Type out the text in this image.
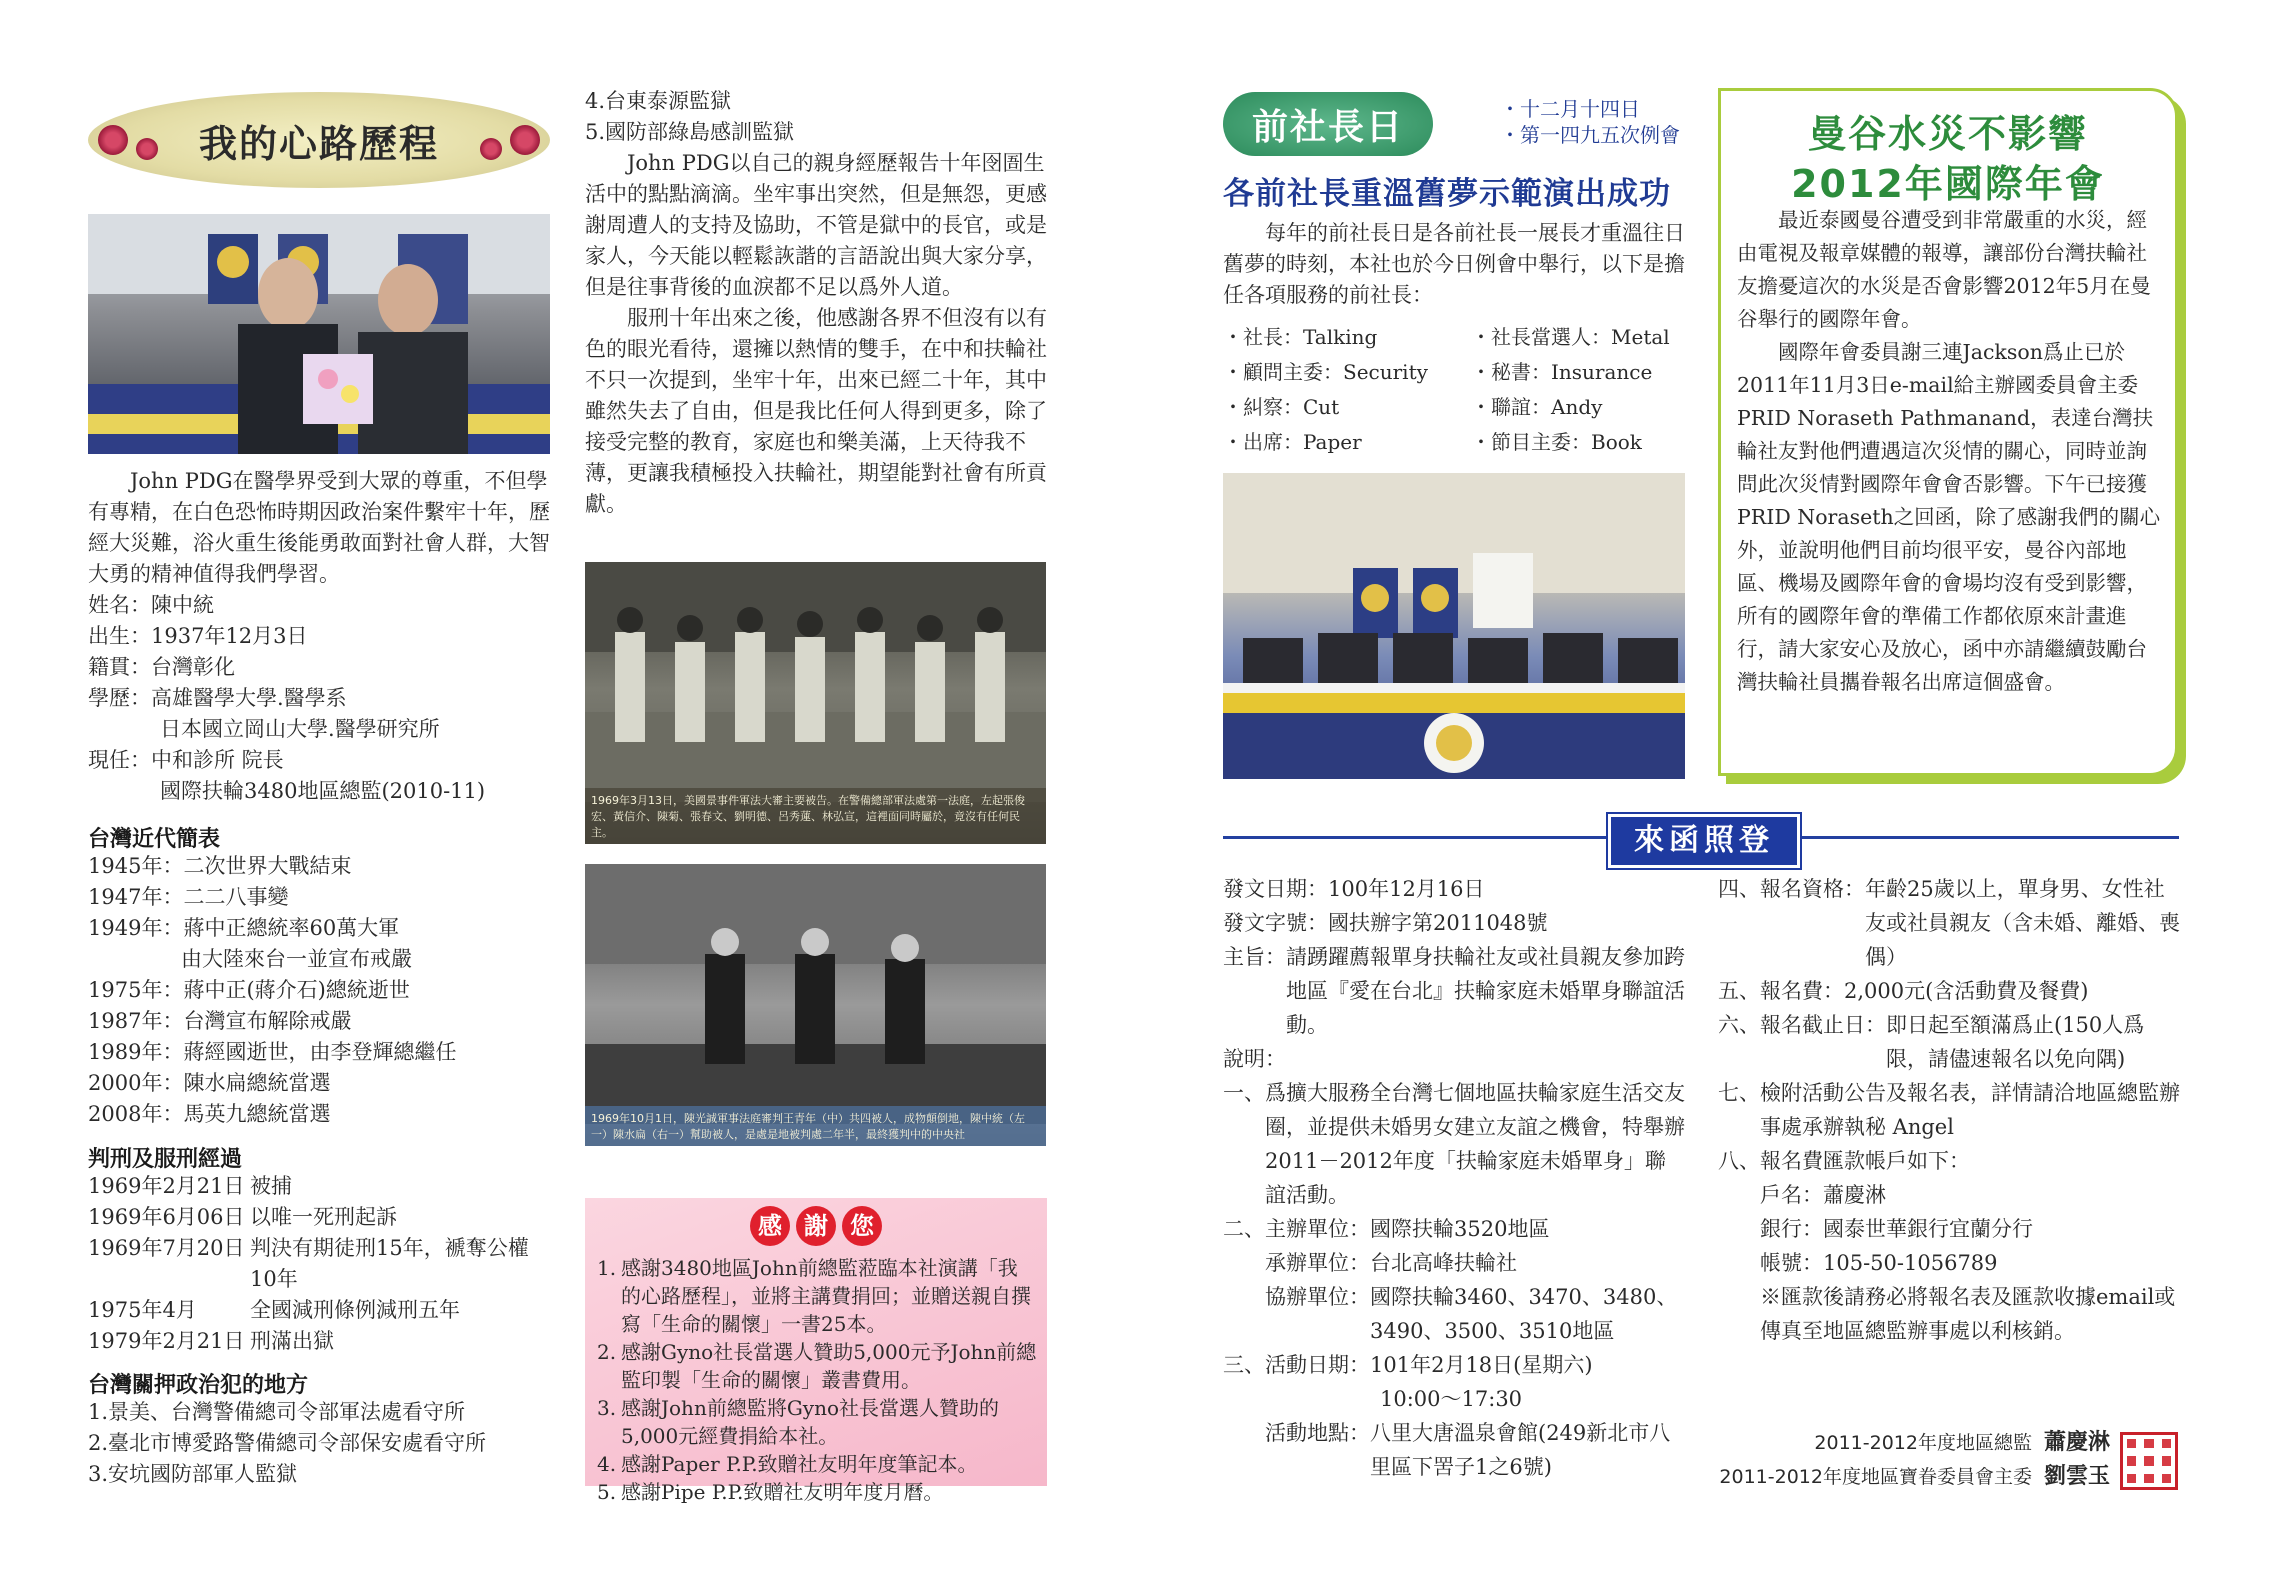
我的心路歷程

John PDG在醫學界受到大眾的尊重，不但學有專精，在白色恐怖時期因政治案件繫牢十年，歷經大災難，浴火重生後能勇敢面對社會人群，大智大勇的精神值得我們學習。

姓名： 陳中統
出生： 1937年12月3日
籍貫： 台灣彰化
學歷： 高雄醫學大學.醫學系
日本國立岡山大學.醫學研究所
現任： 中和診所 院長
國際扶輪3480地區總監(2010-11)
台灣近代簡表
1945年： 二次世界大戰結束
1947年： 二二八事變
1949年： 蔣中正總統率60萬大軍
由大陸來台一並宣布戒嚴
1975年： 蔣中正(蔣介石)總統逝世
1987年： 台灣宣布解除戒嚴
1989年： 蔣經國逝世，由李登輝總繼任
2000年： 陳水扁總統當選
2008年： 馬英九總統當選
判刑及服刑經過
1969年2月21日 被捕
1969年6月06日 以唯一死刑起訴
1969年7月20日 判決有期徒刑15年，褫奪公權
10年
1975年4月	全國減刑條例減刑五年
1979年2月21日 刑滿出獄
台灣關押政治犯的地方
1.景美、台灣警備總司令部軍法處看守所
2.臺北市博愛路警備總司令部保安處看守所
3.安坑國防部軍人監獄
4.台東泰源監獄
5.國防部綠島感訓監獄

John PDG以自己的親身經歷報告十年囹圄生活中的點點滴滴。坐牢事出突然，但是無怨，更感謝周遭人的支持及協助，不管是獄中的長官，或是家人，今天能以輕鬆詼諧的言語說出與大家分享，但是往事背後的血淚都不足以爲外人道。

服刑十年出來之後，他感謝各界不但沒有以有色的眼光看待，還擁以熱情的雙手，在中和扶輪社不只一次提到，坐牢十年，出來已經二十年，其中雖然失去了自由，但是我比任何人得到更多，除了接受完整的教育，家庭也和樂美滿，上天待我不薄，更讓我積極投入扶輪社，期望能對社會有所貢獻。

1969年3月13日，美國景事件軍法大審主要被告。在警備總部軍法處第一法庭，左起張俊宏、黃信介、陳菊、張春文、劉明德、呂秀蓮、林弘宣，這裡面同時屬於，竟沒有任何民主。
1969年10月1日，陳光誠軍事法庭審判王青年（中）共四被人，成物顛倒地，陳中統（左一）陳水扁（右一）幫助被人，是處是地被判處二年半，最終獲判中的中央社
感 謝 您
1. 感謝3480地區John前總監蒞臨本社演講「我的心路歷程」，並將主講費捐回；並贈送親自撰寫「生命的關懷」一書25本。
2. 感謝Gyno社長當選人贊助5,000元予John前總監印製「生命的關懷」叢書費用。
3. 感謝John前總監將Gyno社長當選人贊助的5,000元經費捐給本社。
4. 感謝Paper P.P.致贈社友明年度筆記本。
5. 感謝Pipe P.P.致贈社友明年度月曆。
前社長日	・十二月十四日
・第一四九五次例會
各前社長重溫舊夢示範演出成功

每年的前社長日是各前社長一展長才重溫往日舊夢的時刻，本社也於今日例會中舉行，以下是擔任各項服務的前社長：

・社長：Talking	・社長當選人：Metal
・顧問主委：Security	・秘書：Insurance
・糾察：Cut	・聯誼：Andy
・出席：Paper	・節目主委：Book
曼谷水災不影響
2012年國際年會

最近泰國曼谷遭受到非常嚴重的水災，經由電視及報章媒體的報導，讓部份台灣扶輪社友擔憂這次的水災是否會影響2012年5月在曼谷舉行的國際年會。

國際年會委員謝三連Jackson爲止已於2011年11月3日e-mail給主辦國委員會主委PRID Noraseth Pathmanand，表達台灣扶輪社友對他們遭遇這次災情的關心，同時並詢問此次災情對國際年會會否影響。下午已接獲PRID Noraseth之回函，除了感謝我們的關心外，並說明他們目前均很平安，曼谷內部地區、機場及國際年會的會場均沒有受到影響，所有的國際年會的準備工作都依原來計畫進行，請大家安心及放心，函中亦請繼續鼓勵台灣扶輪社員攜眷報名出席這個盛會。

來函照登
發文日期：100年12月16日
發文字號：國扶辦字第2011048號
主旨： 請踴躍薦報單身扶輪社友或社員親友參加跨地區『愛在台北』扶輪家庭未婚單身聯誼活動。
說明：
一、 爲擴大服務全台灣七個地區扶輪家庭生活交友圈，並提供未婚男女建立友誼之機會，特舉辦2011－2012年度「扶輪家庭未婚單身」聯誼活動。
二、主辦單位： 國際扶輪3520地區
承辦單位： 台北高峰扶輪社
協辦單位： 國際扶輪3460、3470、3480、3490、3500、3510地區
三、活動日期： 101年2月18日(星期六)
10:00～17:30
活動地點： 八里大唐溫泉會館(249新北市八里區下罟子1之6號)
四、報名資格： 年齡25歲以上，單身男、女性社友或社員親友（含未婚、離婚、喪偶）
五、報名費：2,000元(含活動費及餐費)
六、報名截止日： 即日起至額滿爲止(150人爲限，請儘速報名以免向隅)
七、 檢附活動公告及報名表，詳情請洽地區總監辦事處承辦執秘 Angel
八、報名費匯款帳戶如下：
戶名：蕭慶淋
銀行：國泰世華銀行宜蘭分行
帳號：105-50-1056789
※匯款後請務必將報名表及匯款收據email或傳真至地區總監辦事處以利核銷。
2011-2012年度地區總監 蕭慶淋
2011-2012年度地區寶眷委員會主委 劉雲玉
